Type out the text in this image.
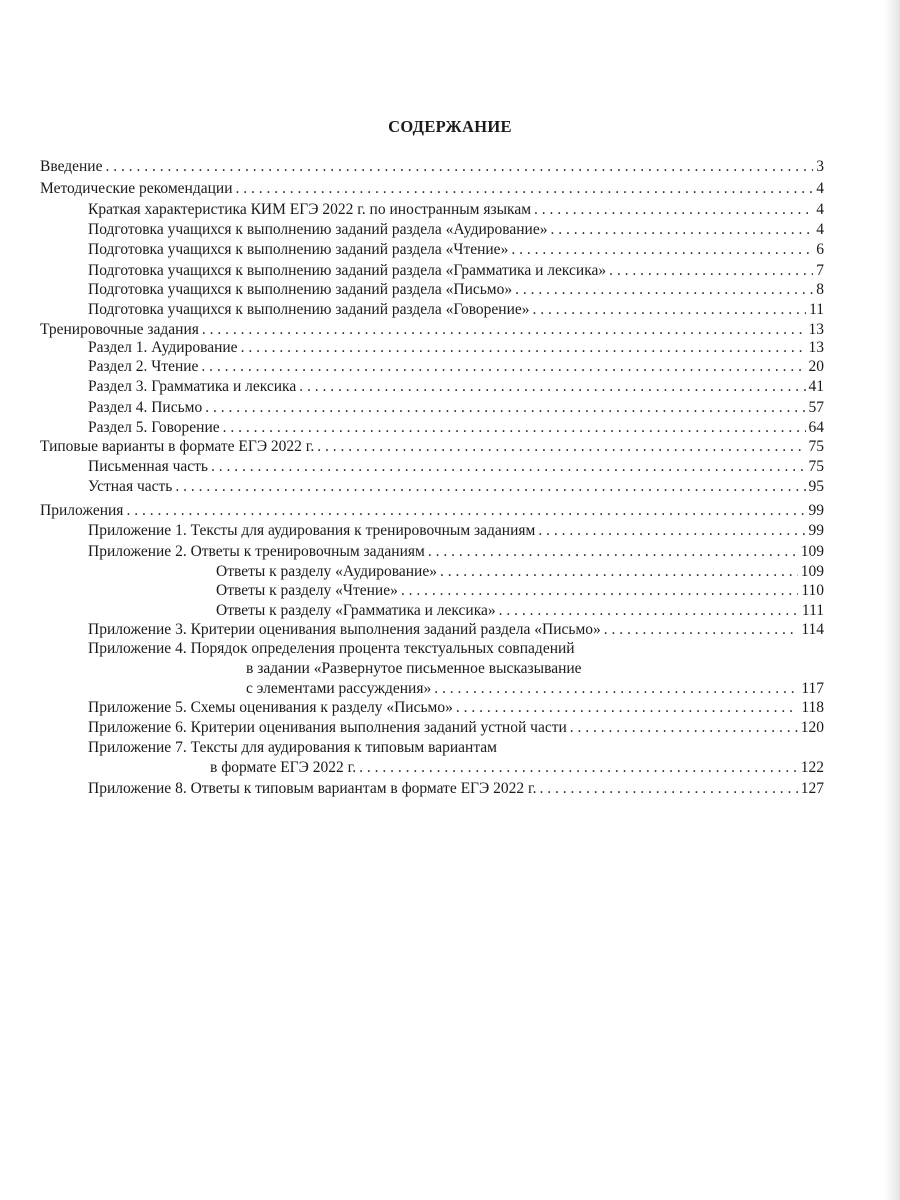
СОДЕРЖАНИЕ
Введение . . .	3
Методические рекомендации . . .	4
Краткая характеристика КИМ ЕГЭ 2022 г. по иностранным языкам . . .	4
Подготовка учащихся к выполнению заданий раздела «Аудирование» . . .	4
Подготовка учащихся к выполнению заданий раздела «Чтение» . . .	6
Подготовка учащихся к выполнению заданий раздела «Грамматика и лексика» . . .	7
Подготовка учащихся к выполнению заданий раздела «Письмо» . . .	8
Подготовка учащихся к выполнению заданий раздела «Говорение» . . .	11
Тренировочные задания . . .	13
Раздел 1. Аудирование . . .	13
Раздел 2. Чтение . . .	20
Раздел 3. Грамматика и лексика . . .	41
Раздел 4. Письмо . . .	57
Раздел 5. Говорение . . .	64
Типовые варианты в формате ЕГЭ 2022 г. . . .	75
Письменная часть . . .	75
Устная часть . . .	95
Приложения . . .	99
Приложение 1. Тексты для аудирования к тренировочным заданиям . . .	99
Приложение 2. Ответы к тренировочным заданиям . . .	109
Ответы к разделу «Аудирование» . . .	109
Ответы к разделу «Чтение» . . .	110
Ответы к разделу «Грамматика и лексика» . . .	111
Приложение 3. Критерии оценивания выполнения заданий раздела «Письмо» . . .	114
Приложение 4. Порядок определения процента текстуальных совпадений
в задании «Развернутое письменное высказывание
с элементами рассуждения» . . .	117
Приложение 5. Схемы оценивания к разделу «Письмо» . . .	118
Приложение 6. Критерии оценивания выполнения заданий устной части . . .	120
Приложение 7. Тексты для аудирования к типовым вариантам
в формате ЕГЭ 2022 г. . . .	122
Приложение 8. Ответы к типовым вариантам в формате ЕГЭ 2022 г. . . .	127
